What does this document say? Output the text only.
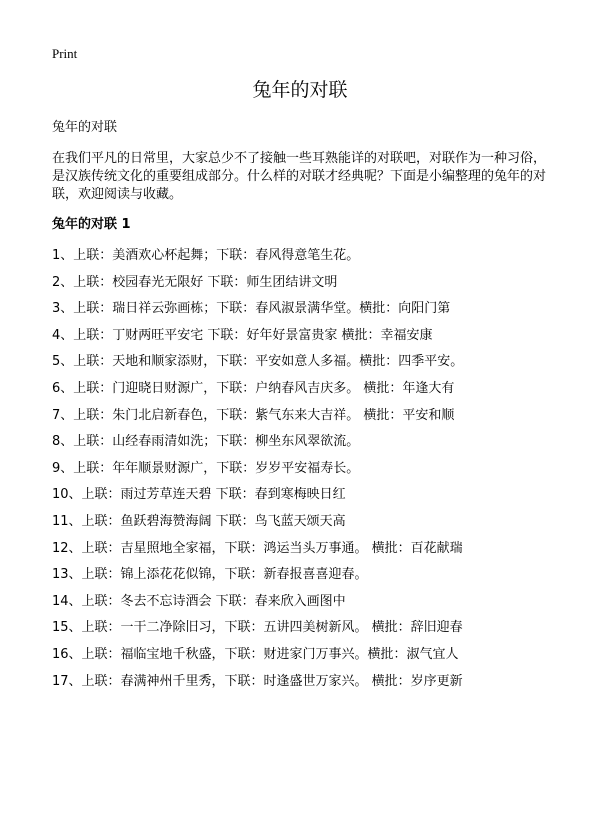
Print
兔年的对联
兔年的对联

在我们平凡的日常里，大家总少不了接触一些耳熟能详的对联吧，对联作为一种习俗，是汉族传统文化的重要组成部分。什么样的对联才经典呢？下面是小编整理的兔年的对联，欢迎阅读与收藏。

兔年的对联 1
1、上联：美酒欢心杯起舞；下联：春风得意笔生花。
2、上联：校园春光无限好 下联：师生团结讲文明
3、上联：瑞日祥云弥画栋；下联：春风淑景满华堂。横批：向阳门第
4、上联：丁财两旺平安宅 下联：好年好景富贵家 横批：幸福安康
5、上联：天地和顺家添财，下联：平安如意人多福。横批：四季平安。
6、上联：门迎晓日财源广，下联：户纳春风吉庆多。 横批：年逢大有
7、上联：朱门北启新春色，下联：紫气东来大吉祥。 横批：平安和顺
8、上联：山经春雨清如洗；下联：柳坐东风翠欲流。
9、上联：年年顺景财源广，下联：岁岁平安福寿长。
10、上联：雨过芳草连天碧 下联：春到寒梅映日红
11、上联：鱼跃碧海赞海阔 下联：鸟飞蓝天颂天高
12、上联：吉星照地全家福，下联：鸿运当头万事通。 横批：百花献瑞
13、上联：锦上添花花似锦，下联：新春报喜喜迎春。
14、上联：冬去不忘诗酒会 下联：春来欣入画图中
15、上联：一干二净除旧习，下联：五讲四美树新风。 横批：辞旧迎春
16、上联：福临宝地千秋盛，下联：财进家门万事兴。横批：淑气宜人
17、上联：春满神州千里秀，下联：时逢盛世万家兴。 横批：岁序更新
